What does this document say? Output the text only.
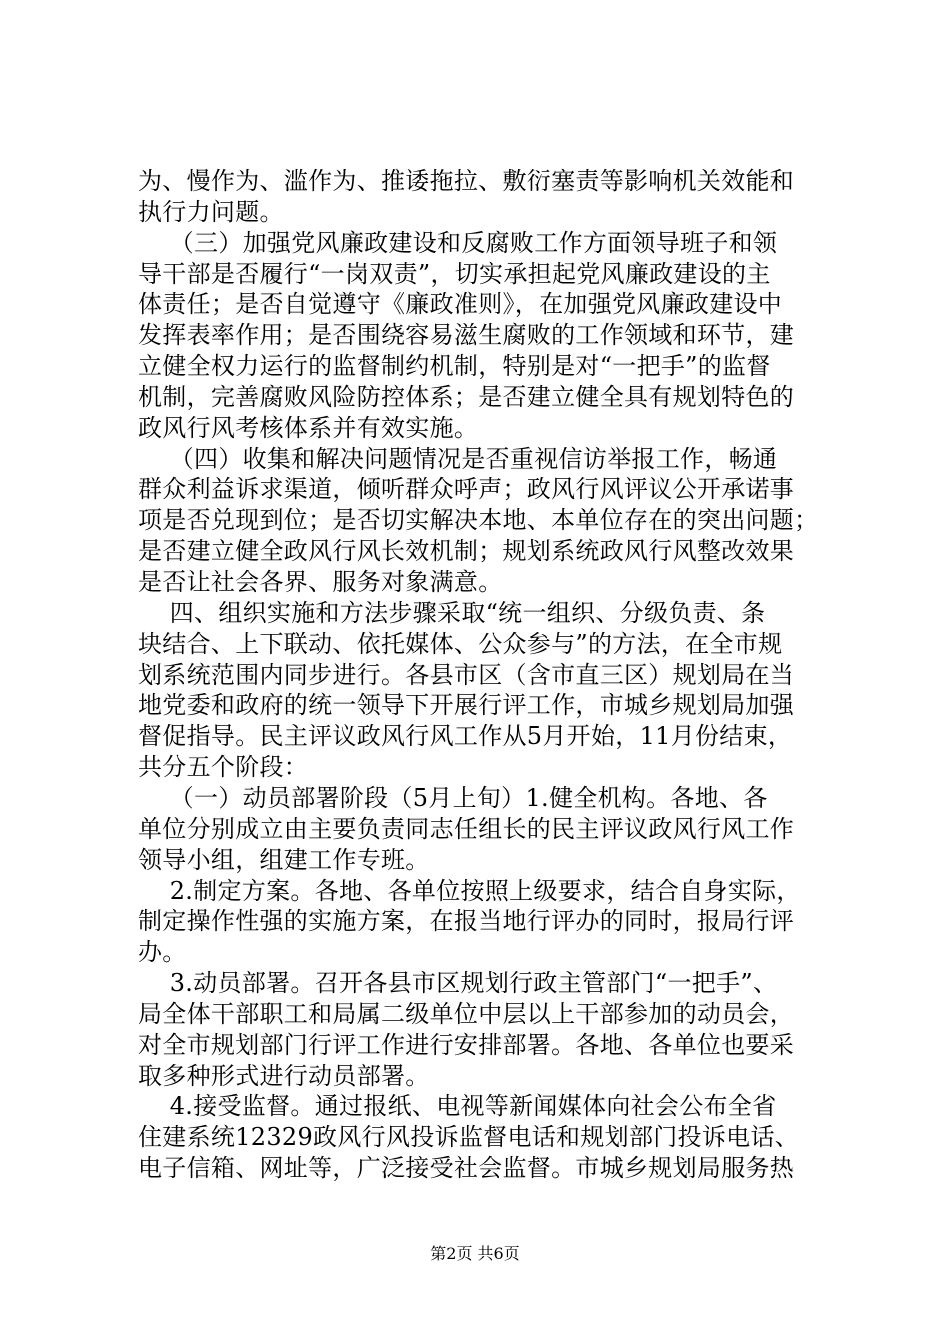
为、慢作为、滥作为、推诿拖拉、敷衍塞责等影响机关效能和
执行力问题。
（三）加强党风廉政建设和反腐败工作方面领导班子和领
导干部是否履行“一岗双责”，切实承担起党风廉政建设的主
体责任；是否自觉遵守《廉政准则》，在加强党风廉政建设中
发挥表率作用；是否围绕容易滋生腐败的工作领域和环节，建
立健全权力运行的监督制约机制，特别是对“一把手”的监督
机制，完善腐败风险防控体系；是否建立健全具有规划特色的
政风行风考核体系并有效实施。
（四）收集和解决问题情况是否重视信访举报工作，畅通
群众利益诉求渠道，倾听群众呼声；政风行风评议公开承诺事
项是否兑现到位；是否切实解决本地、本单位存在的突出问题；
是否建立健全政风行风长效机制；规划系统政风行风整改效果
是否让社会各界、服务对象满意。
四、组织实施和方法步骤采取“统一组织、分级负责、条
块结合、上下联动、依托媒体、公众参与”的方法，在全市规
划系统范围内同步进行。各县市区（含市直三区）规划局在当
地党委和政府的统一领导下开展行评工作，市城乡规划局加强
督促指导。民主评议政风行风工作从5月开始，11月份结束，
共分五个阶段：
（一）动员部署阶段（5月上旬）1.健全机构。各地、各
单位分别成立由主要负责同志任组长的民主评议政风行风工作
领导小组，组建工作专班。
2.制定方案。各地、各单位按照上级要求，结合自身实际，
制定操作性强的实施方案，在报当地行评办的同时，报局行评
办。
3.动员部署。召开各县市区规划行政主管部门“一把手”、
局全体干部职工和局属二级单位中层以上干部参加的动员会，
对全市规划部门行评工作进行安排部署。各地、各单位也要采
取多种形式进行动员部署。
4.接受监督。通过报纸、电视等新闻媒体向社会公布全省
住建系统12329政风行风投诉监督电话和规划部门投诉电话、
电子信箱、网址等，广泛接受社会监督。市城乡规划局服务热
第2页 共6页
